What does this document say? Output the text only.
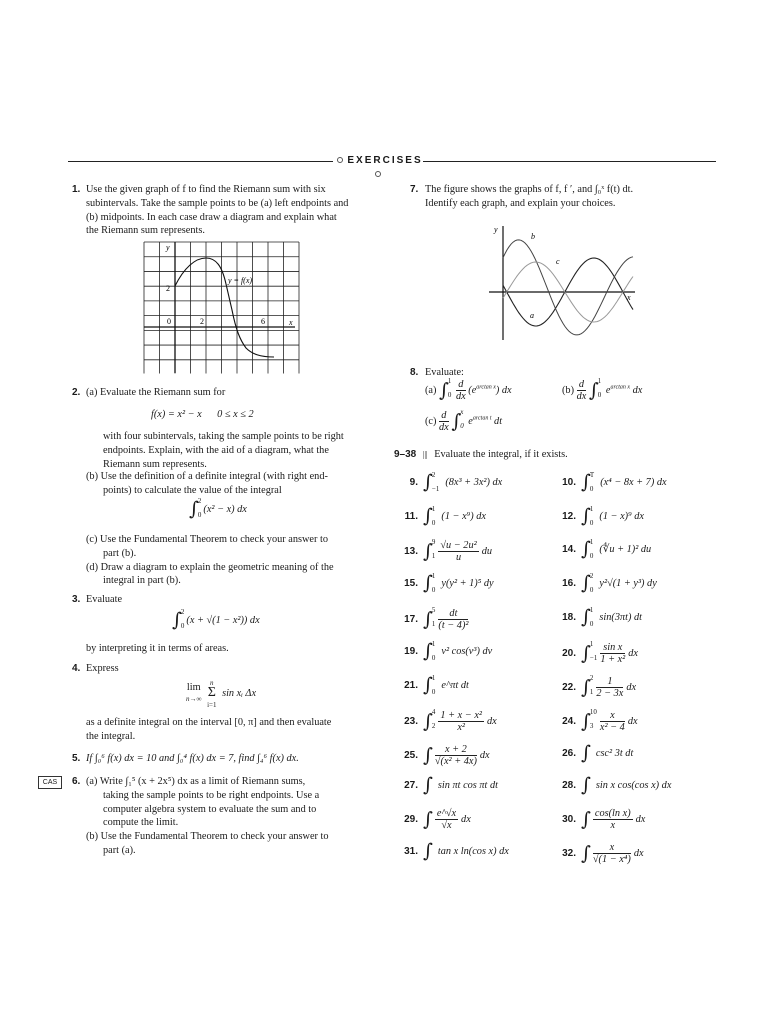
EXERCISES
1. Use the given graph of f to find the Riemann sum with six
subintervals. Take the sample points to be (a) left endpoints and
(b) midpoints. In each case draw a diagram and explain what
the Riemann sum represents.
y
x
y = f(x)
2
0	2	6
2. (a) Evaluate the Riemann sum for
f(x) = x² − x      0 ≤ x ≤ 2
with four subintervals, taking the sample points to be right
endpoints. Explain, with the aid of a diagram, what the
Riemann sum represents.
(b) Use the definition of a definite integral (with right end-
points) to calculate the value of the integral
∫2

0(x² − x) dx
(c) Use the Fundamental Theorem to check your answer to
part (b).
(d) Draw a diagram to explain the geometric meaning of the
integral in part (b).
3. Evaluate
∫2

0(x + √(1 − x²)) dx
by interpreting it in terms of areas.
4. Express
lim
n→∞ n
Σ
i=1 sin xᵢ Δx
as a definite integral on the interval [0, π] and then evaluate
the integral.
5. If ∫₀⁶ f(x) dx = 10 and ∫₀⁴ f(x) dx = 7, find ∫₄⁶ f(x) dx.
CAS	6. (a) Write ∫₁⁵ (x + 2x⁵) dx as a limit of Riemann sums,
taking the sample points to be right endpoints. Use a
computer algebra system to evaluate the sum and to
compute the limit.
(b) Use the Fundamental Theorem to check your answer to
part (a).
7. The figure shows the graphs of f, f ′, and ∫₀ˣ f(t) dt.
Identify each graph, and explain your choices.
y
x
a
b
c
8. Evaluate:
(a) ∫1

$0 \frac{d}{dx} (e^{arctan x})$ dx	$(b) \frac{d}{dx} \int 1$

0 $e^{arctan x}$ dx
$(c) \frac{d}{dx} \int x$

0 $e^{arctan t}$ dt
9–38 ||| Evaluate the integral, if it exists.
9. ∫2

−1(8x³ + 3x²) dx	10. ∫T

0(x⁴ − 8x + 7) dx
11. ∫1

0(1 − x⁹) dx	12. ∫1

0(1 − x)⁹ dx
13. ∫9

$1 \frac{\text{√u − 2u²}}{u}$ du	14. ∫1

0(∜u + 1)² du
15. ∫1

0y(y² + 1)⁵ dy	16. ∫2

0y²√(1 + y³) dy
17. ∫5

$1 \frac{dt}{\text{(t − 4)²}}$	18. ∫1

0sin(3πt) dt
19. ∫1

0v² cos(v³) dv	20. ∫1

$-1 \frac{\text{sin x}}{\text{1 + x²}}$ dx
21. ∫1

0e^πt dt	22. ∫2

$1 \frac{1}{2 - 3x}$ dx
23. ∫4

$2 \frac{\text{1 + x − x²}}{\text{x²}}$ dx	24. ∫10

$3 \frac{x}{\text{x² − 4}}$ dx
25. ∫ $\frac{x + 2}{\text{√(x² + 4x)}}$ dx	26. ∫ csc² 3t dt
27. ∫ sin πt cos πt dt	28. ∫ sin x cos(cos x) dx
29. ∫ $\frac{e\^{}√x}{√x}$ dx	30. ∫ $\frac{\text{cos(ln x)}}{x}$ dx
31. ∫ tan x ln(cos x) dx	32. ∫ $\frac{x}{\text{√(1 − x⁴)}}$ dx
